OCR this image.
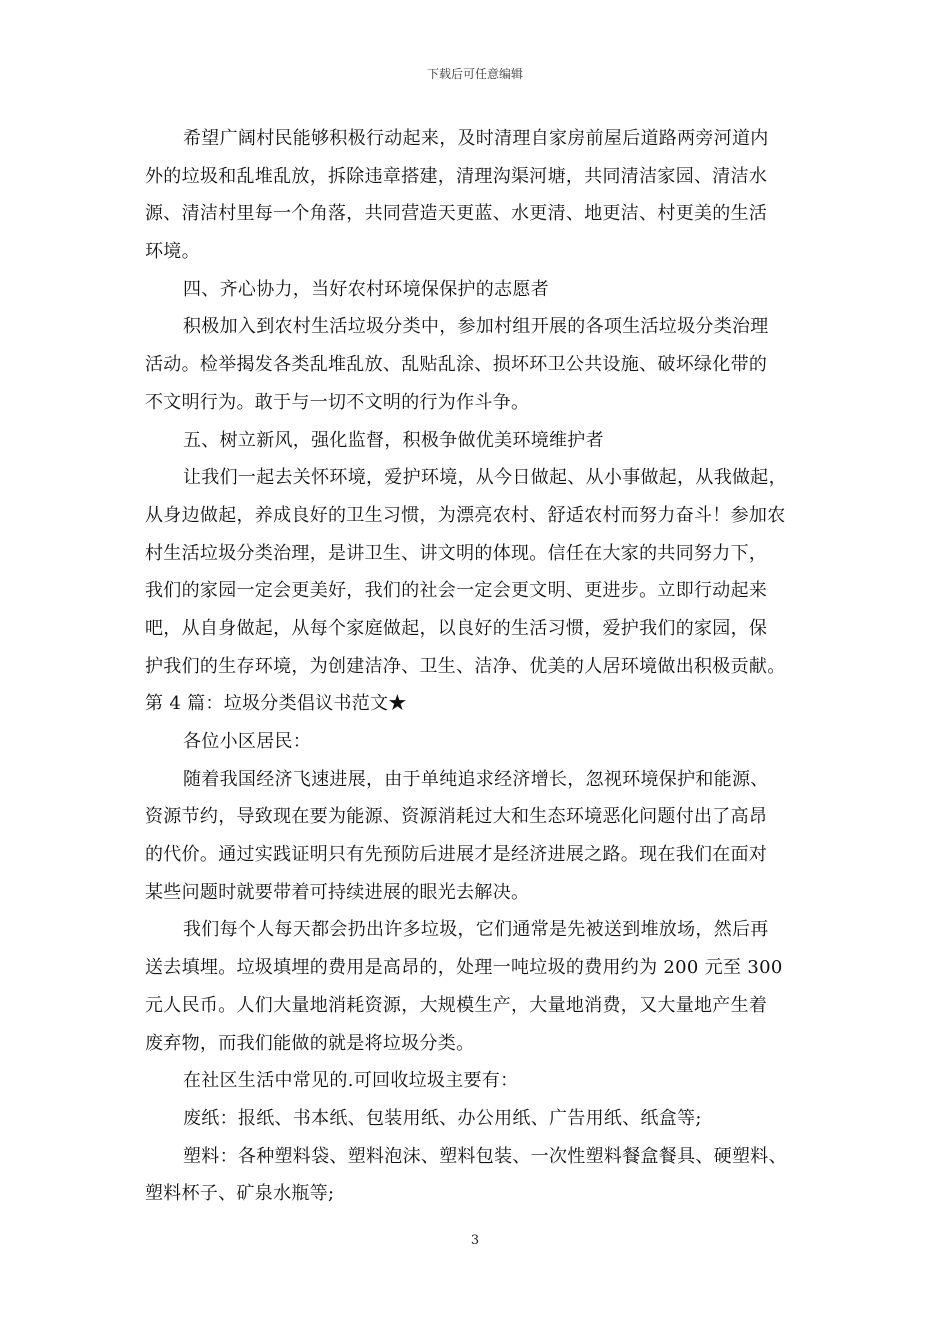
下载后可任意编辑
希望广阔村民能够积极行动起来，及时清理自家房前屋后道路两旁河道内
外的垃圾和乱堆乱放，拆除违章搭建，清理沟渠河塘，共同清洁家园、清洁水
源、清洁村里每一个角落，共同营造天更蓝、水更清、地更洁、村更美的生活
环境。
四、齐心协力，当好农村环境保保护的志愿者
积极加入到农村生活垃圾分类中，参加村组开展的各项生活垃圾分类治理
活动。检举揭发各类乱堆乱放、乱贴乱涂、损坏环卫公共设施、破坏绿化带的
不文明行为。敢于与一切不文明的行为作斗争。
五、树立新风，强化监督，积极争做优美环境维护者
让我们一起去关怀环境，爱护环境，从今日做起、从小事做起，从我做起，
从身边做起，养成良好的卫生习惯，为漂亮农村、舒适农村而努力奋斗！参加农
村生活垃圾分类治理，是讲卫生、讲文明的体现。信任在大家的共同努力下，
我们的家园一定会更美好，我们的社会一定会更文明、更进步。立即行动起来
吧，从自身做起，从每个家庭做起，以良好的生活习惯，爱护我们的家园，保
护我们的生存环境，为创建洁净、卫生、洁净、优美的人居环境做出积极贡献。
第 4 篇：垃圾分类倡议书范文★
各位小区居民：
随着我国经济飞速进展，由于单纯追求经济增长，忽视环境保护和能源、
资源节约，导致现在要为能源、资源消耗过大和生态环境恶化问题付出了高昂
的代价。通过实践证明只有先预防后进展才是经济进展之路。现在我们在面对
某些问题时就要带着可持续进展的眼光去解决。
我们每个人每天都会扔出许多垃圾，它们通常是先被送到堆放场，然后再
送去填埋。垃圾填埋的费用是高昂的，处理一吨垃圾的费用约为 200 元至 300
元人民币。人们大量地消耗资源，大规模生产，大量地消费，又大量地产生着
废弃物，而我们能做的就是将垃圾分类。
在社区生活中常见的.可回收垃圾主要有：
废纸：报纸、书本纸、包装用纸、办公用纸、广告用纸、纸盒等;
塑料：各种塑料袋、塑料泡沫、塑料包装、一次性塑料餐盒餐具、硬塑料、
塑料杯子、矿泉水瓶等;
3
